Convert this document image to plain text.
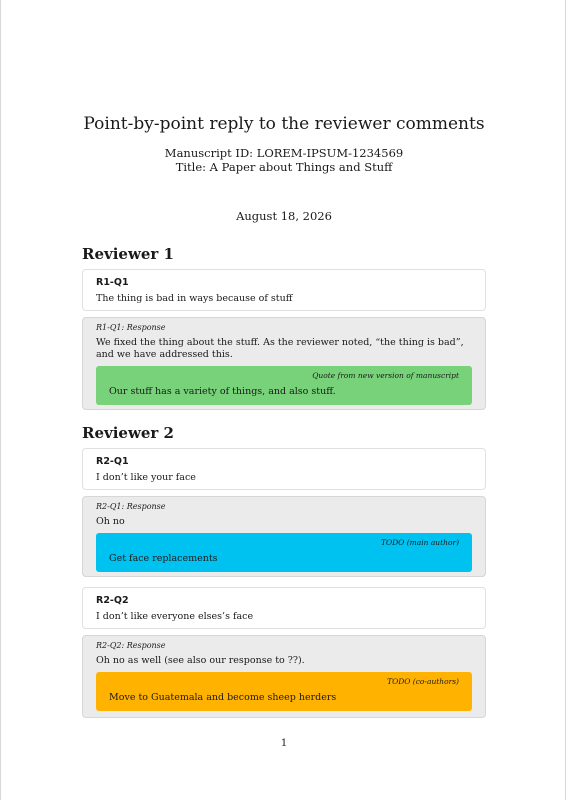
Point-by-point reply to the reviewer comments
Manuscript ID: LOREM-IPSUM-1234569
Title: A Paper about Things and Stuff
August 18, 2026
Reviewer 1
R1-Q1
The thing is bad in ways because of stuff
R1-Q1: Response
We fixed the thing about the stuff. As the reviewer noted, “the thing is bad”, and we have addressed this.
Quote from new version of manuscript
Our stuff has a variety of things, and also stuff.
Reviewer 2
R2-Q1
I don’t like your face
R2-Q1: Response
Oh no
TODO (main author)
Get face replacements
R2-Q2
I don’t like everyone elses’s face
R2-Q2: Response
Oh no as well (see also our response to ??).
TODO (co-authors)
Move to Guatemala and become sheep herders
1
